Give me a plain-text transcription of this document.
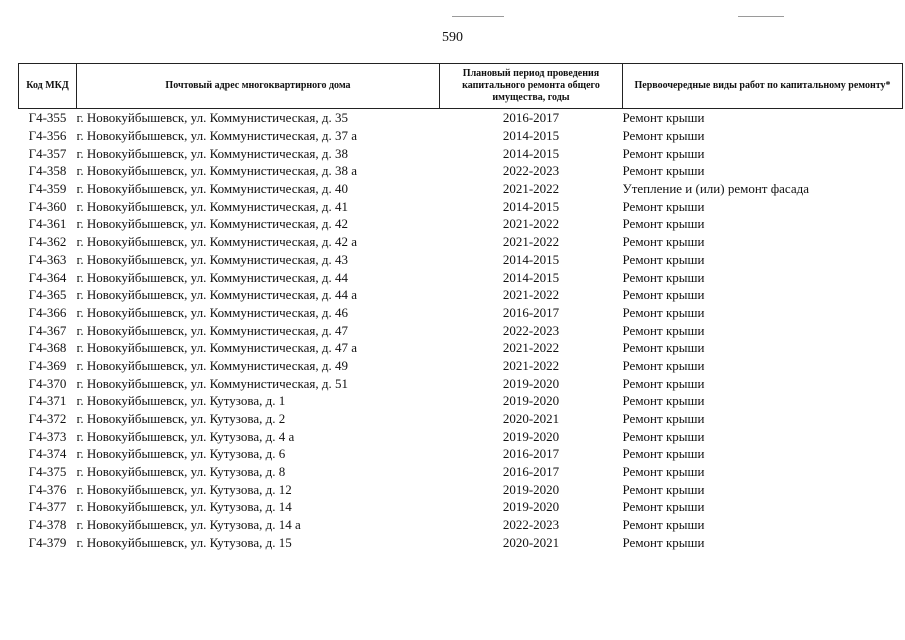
590
Код МКД	Почтовый адрес многоквартирного дома	Плановый период проведения капитального ремонта общего имущества, годы	Первоочередные виды работ по капитальному ремонту*
Г4-355	г. Новокуйбышевск, ул. Коммунистическая, д. 35	2016-2017	Ремонт крыши
Г4-356	г. Новокуйбышевск, ул. Коммунистическая, д. 37 а	2014-2015	Ремонт крыши
Г4-357	г. Новокуйбышевск, ул. Коммунистическая, д. 38	2014-2015	Ремонт крыши
Г4-358	г. Новокуйбышевск, ул. Коммунистическая, д. 38 а	2022-2023	Ремонт крыши
Г4-359	г. Новокуйбышевск, ул. Коммунистическая, д. 40	2021-2022	Утепление и (или) ремонт фасада
Г4-360	г. Новокуйбышевск, ул. Коммунистическая, д. 41	2014-2015	Ремонт крыши
Г4-361	г. Новокуйбышевск, ул. Коммунистическая, д. 42	2021-2022	Ремонт крыши
Г4-362	г. Новокуйбышевск, ул. Коммунистическая, д. 42 а	2021-2022	Ремонт крыши
Г4-363	г. Новокуйбышевск, ул. Коммунистическая, д. 43	2014-2015	Ремонт крыши
Г4-364	г. Новокуйбышевск, ул. Коммунистическая, д. 44	2014-2015	Ремонт крыши
Г4-365	г. Новокуйбышевск, ул. Коммунистическая, д. 44 а	2021-2022	Ремонт крыши
Г4-366	г. Новокуйбышевск, ул. Коммунистическая, д. 46	2016-2017	Ремонт крыши
Г4-367	г. Новокуйбышевск, ул. Коммунистическая, д. 47	2022-2023	Ремонт крыши
Г4-368	г. Новокуйбышевск, ул. Коммунистическая, д. 47 а	2021-2022	Ремонт крыши
Г4-369	г. Новокуйбышевск, ул. Коммунистическая, д. 49	2021-2022	Ремонт крыши
Г4-370	г. Новокуйбышевск, ул. Коммунистическая, д. 51	2019-2020	Ремонт крыши
Г4-371	г. Новокуйбышевск, ул. Кутузова, д. 1	2019-2020	Ремонт крыши
Г4-372	г. Новокуйбышевск, ул. Кутузова, д. 2	2020-2021	Ремонт крыши
Г4-373	г. Новокуйбышевск, ул. Кутузова, д. 4 а	2019-2020	Ремонт крыши
Г4-374	г. Новокуйбышевск, ул. Кутузова, д. 6	2016-2017	Ремонт крыши
Г4-375	г. Новокуйбышевск, ул. Кутузова, д. 8	2016-2017	Ремонт крыши
Г4-376	г. Новокуйбышевск, ул. Кутузова, д. 12	2019-2020	Ремонт крыши
Г4-377	г. Новокуйбышевск, ул. Кутузова, д. 14	2019-2020	Ремонт крыши
Г4-378	г. Новокуйбышевск, ул. Кутузова, д. 14 а	2022-2023	Ремонт крыши
Г4-379	г. Новокуйбышевск, ул. Кутузова, д. 15	2020-2021	Ремонт крыши
